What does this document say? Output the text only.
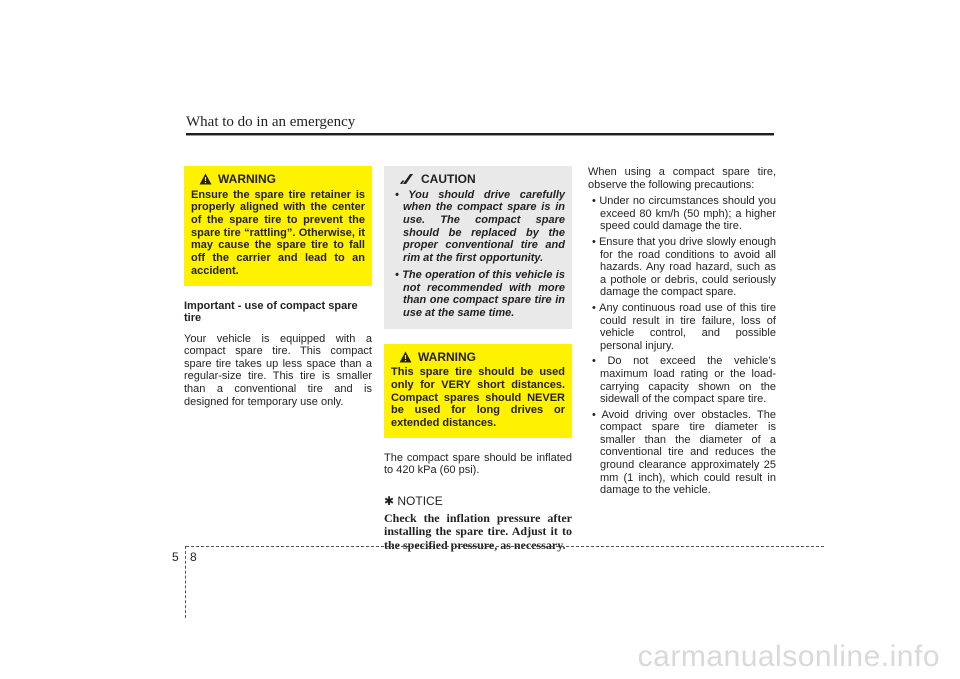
What to do in an emergency
WARNING
Ensure the spare tire retainer is properly aligned with the center of the spare tire to prevent the spare tire “rattling”. Otherwise, it may cause the spare tire to fall off the carrier and lead to an accident.
Important - use of compact spare tire
Your vehicle is equipped with a compact spare tire. This compact spare tire takes up less space than a regular-size tire. This tire is smaller than a conventional tire and is designed for temporary use only.
CAUTION
• You should drive carefully when the compact spare is in use. The compact spare should be replaced by the proper conventional tire and rim at the first opportunity.
• The operation of this vehicle is not recommended with more than one compact spare tire in use at the same time.
WARNING
This spare tire should be used only for VERY short distances. Compact spares should NEVER be used for long drives or extended distances.
The compact spare should be inflated to 420 kPa (60 psi).
✱ NOTICE
Check the inflation pressure after installing the spare tire. Adjust it to the specified pressure, as necessary.
When using a compact spare tire, observe the following precautions:
• Under no circumstances should you exceed 80 km/h (50 mph); a higher speed could damage the tire.
• Ensure that you drive slowly enough for the road conditions to avoid all hazards. Any road hazard, such as a pothole or debris, could seriously damage the compact spare.
• Any continuous road use of this tire could result in tire failure, loss of vehicle control, and possible personal injury.
• Do not exceed the vehicle’s maximum load rating or the load-carrying capacity shown on the sidewall of the compact spare tire.
• Avoid driving over obstacles. The compact spare tire diameter is smaller than the diameter of a conventional tire and reduces the ground clearance approximately 25 mm (1 inch), which could result in damage to the vehicle.
5 8
carmanualsonline.info
